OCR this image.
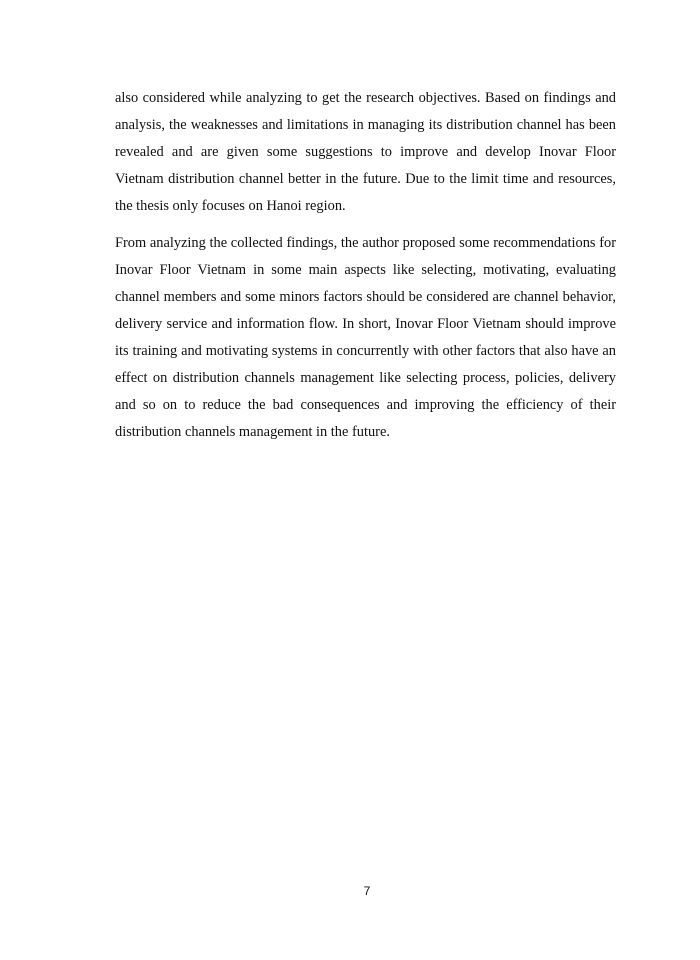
also considered while analyzing to get the research objectives. Based on findings and analysis, the weaknesses and limitations in managing its distribution channel has been revealed and are given some suggestions to improve and develop Inovar Floor Vietnam distribution channel better in the future. Due to the limit time and resources, the thesis only focuses on Hanoi region.

From analyzing the collected findings, the author proposed some recommendations for Inovar Floor Vietnam in some main aspects like selecting, motivating, evaluating channel members and some minors factors should be considered are channel behavior, delivery service and information flow. In short, Inovar Floor Vietnam should improve its training and motivating systems in concurrently with other factors that also have an effect on distribution channels management like selecting process, policies, delivery and so on to reduce the bad consequences and improving the efficiency of their distribution channels management in the future.

7
